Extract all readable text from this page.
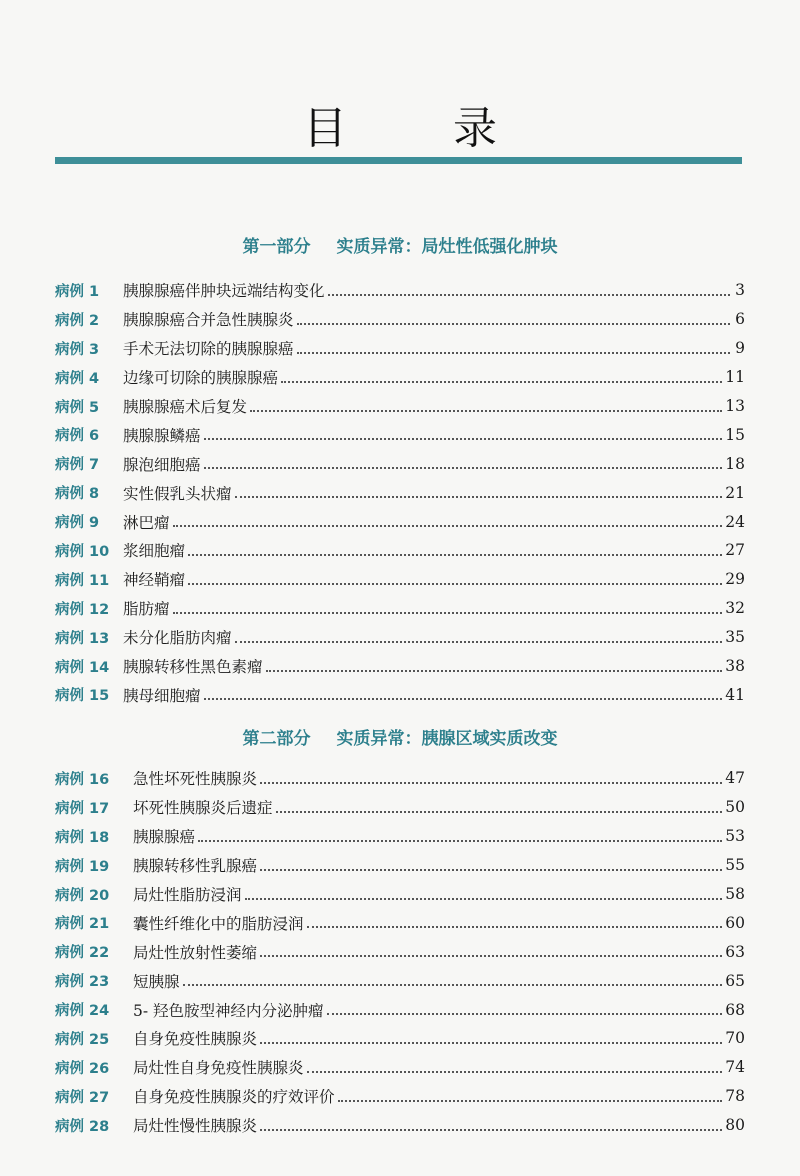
目 录
第一部分 实质异常：局灶性低强化肿块
病例 1	胰腺腺癌伴肿块远端结构变化	3
病例 2	胰腺腺癌合并急性胰腺炎	6
病例 3	手术无法切除的胰腺腺癌	9
病例 4	边缘可切除的胰腺腺癌	11
病例 5	胰腺腺癌术后复发	13
病例 6	胰腺腺鳞癌	15
病例 7	腺泡细胞癌	18
病例 8	实性假乳头状瘤	21
病例 9	淋巴瘤	24
病例 10 浆细胞瘤	27
病例 11 神经鞘瘤	29
病例 12 脂肪瘤	32
病例 13 未分化脂肪肉瘤	35
病例 14 胰腺转移性黑色素瘤	38
病例 15 胰母细胞瘤	41
第二部分 实质异常：胰腺区域实质改变
病例 16	急性坏死性胰腺炎	47
病例 17	坏死性胰腺炎后遗症	50
病例 18	胰腺腺癌	53
病例 19	胰腺转移性乳腺癌	55
病例 20	局灶性脂肪浸润	58
病例 21	囊性纤维化中的脂肪浸润	60
病例 22	局灶性放射性萎缩	63
病例 23	短胰腺	65
病例 24	5- 羟色胺型神经内分泌肿瘤	68
病例 25	自身免疫性胰腺炎	70
病例 26	局灶性自身免疫性胰腺炎	74
病例 27	自身免疫性胰腺炎的疗效评价	78
病例 28	局灶性慢性胰腺炎	80
